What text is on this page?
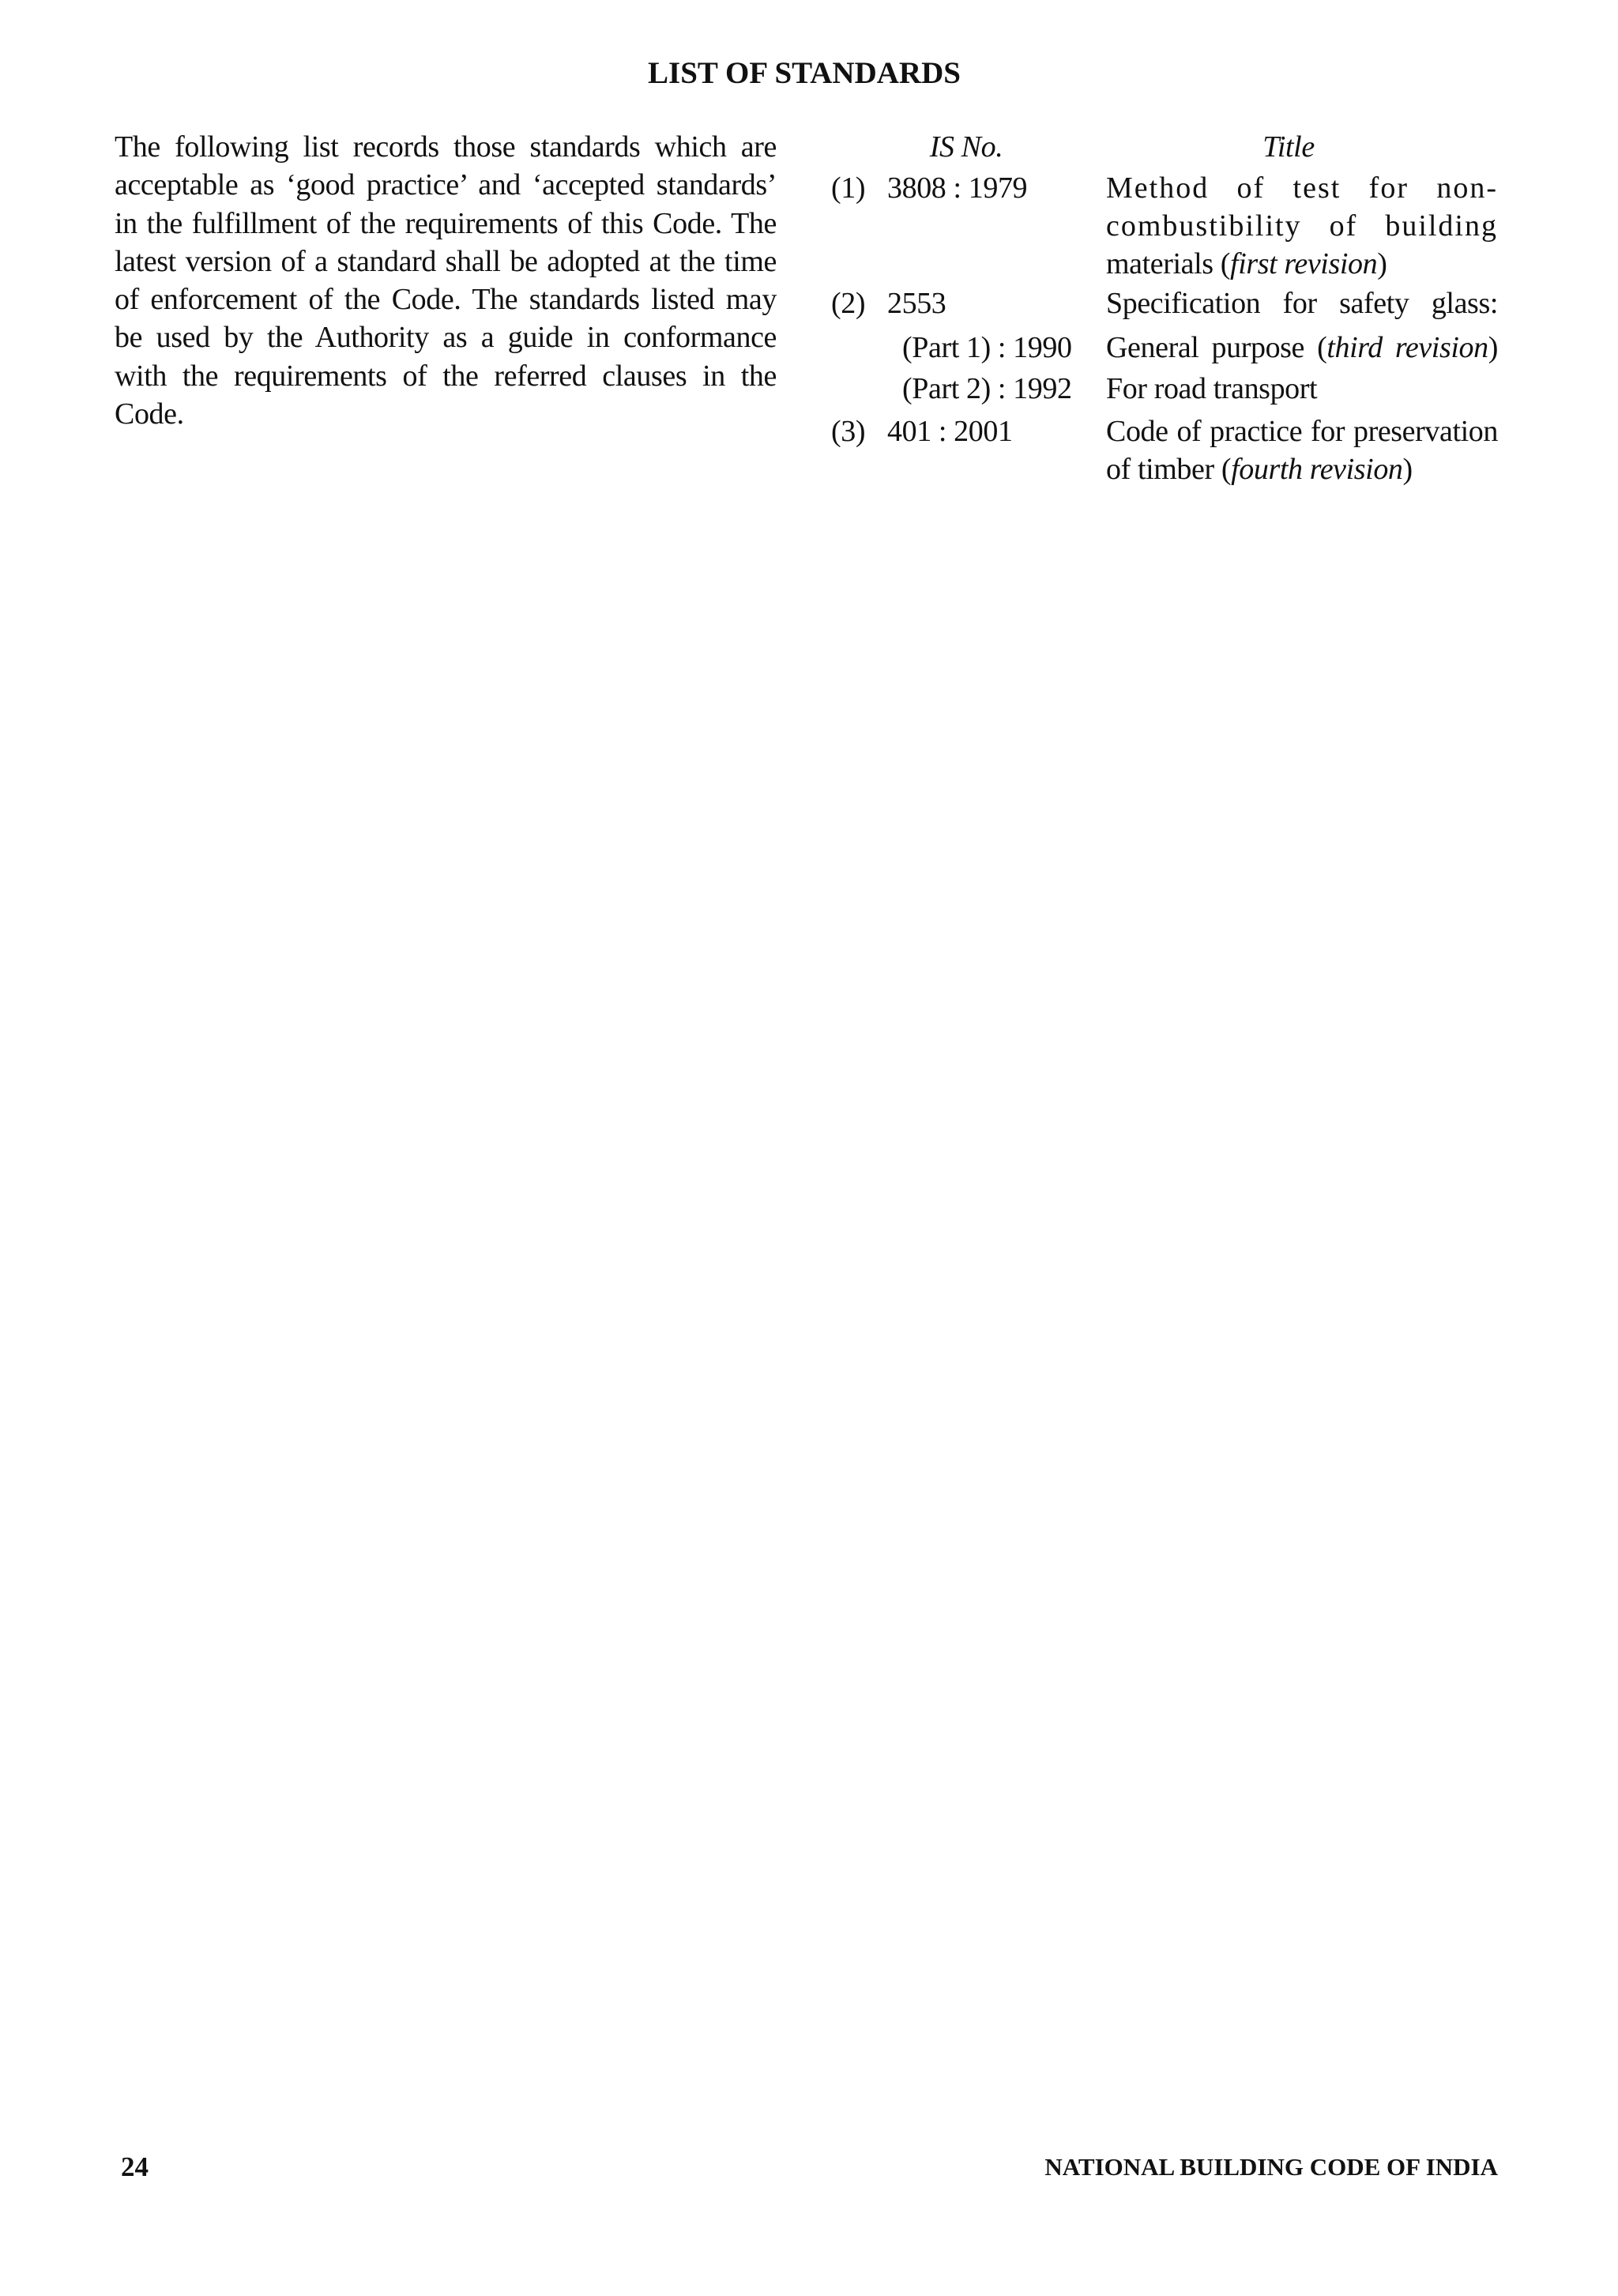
LIST OF STANDARDS
The following list records those standards which are
acceptable as ‘good practice’ and ‘accepted standards’
in the fulfillment of the requirements of this Code. The
latest version of a standard shall be adopted at the time
of enforcement of the Code. The standards listed may
be used by the Authority as a guide in conformance
with the requirements of the referred clauses in the
Code.
IS No.	Title
(1) 3808 : 1979	Method of test for non-
combustibility of building
materials (first revision)
(2) 2553	Specification for safety glass:
(Part 1) : 1990 General purpose (third revision)
(Part 2) : 1992 For road transport
(3) 401 : 2001	Code of practice for preservation
of timber (fourth revision)
24	NATIONAL BUILDING CODE OF INDIA
